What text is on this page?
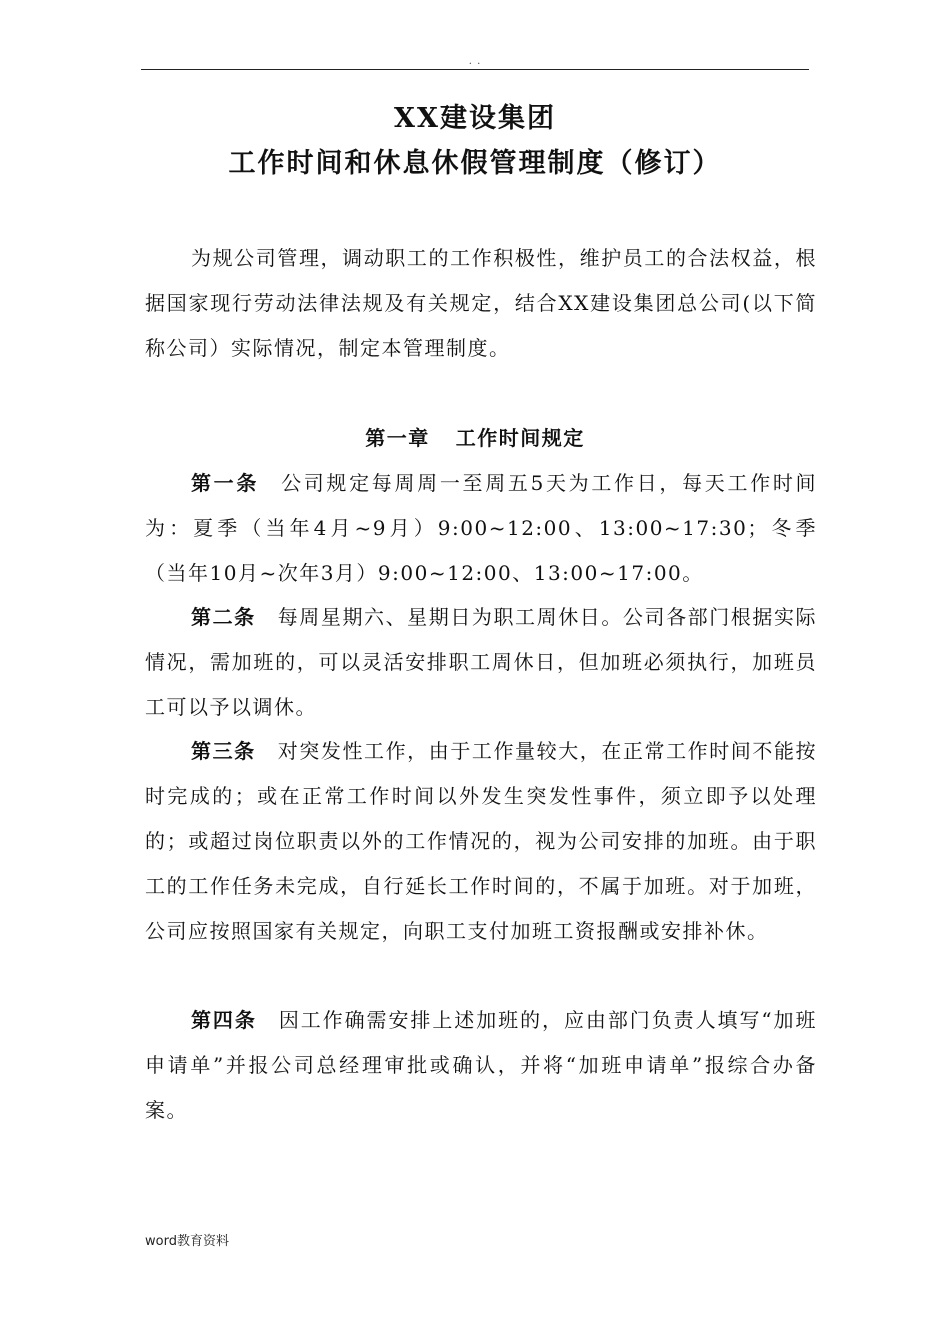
. .
XX建设集团
工作时间和休息休假管理制度（修订）

为规公司管理，调动职工的工作积极性，维护员工的合法权益，根据国家现行劳动法律法规及有关规定，结合XX建设集团总公司(以下简称公司）实际情况，制定本管理制度。

第一章 工作时间规定

第一条 公司规定每周周一至周五5天为工作日，每天工作时间为：夏季（当年4月~9月）9:00~12:00、13:00~17:30；冬季（当年10月~次年3月）9:00~12:00、13:00~17:00。

第二条 每周星期六、星期日为职工周休日。公司各部门根据实际情况，需加班的，可以灵活安排职工周休日，但加班必须执行，加班员工可以予以调休。

第三条 对突发性工作，由于工作量较大，在正常工作时间不能按时完成的；或在正常工作时间以外发生突发性事件，须立即予以处理的；或超过岗位职责以外的工作情况的，视为公司安排的加班。由于职工的工作任务未完成，自行延长工作时间的，不属于加班。对于加班，公司应按照国家有关规定，向职工支付加班工资报酬或安排补休。

第四条 因工作确需安排上述加班的，应由部门负责人填写“加班申请单”并报公司总经理审批或确认，并将“加班申请单”报综合办备案。

word教育资料
